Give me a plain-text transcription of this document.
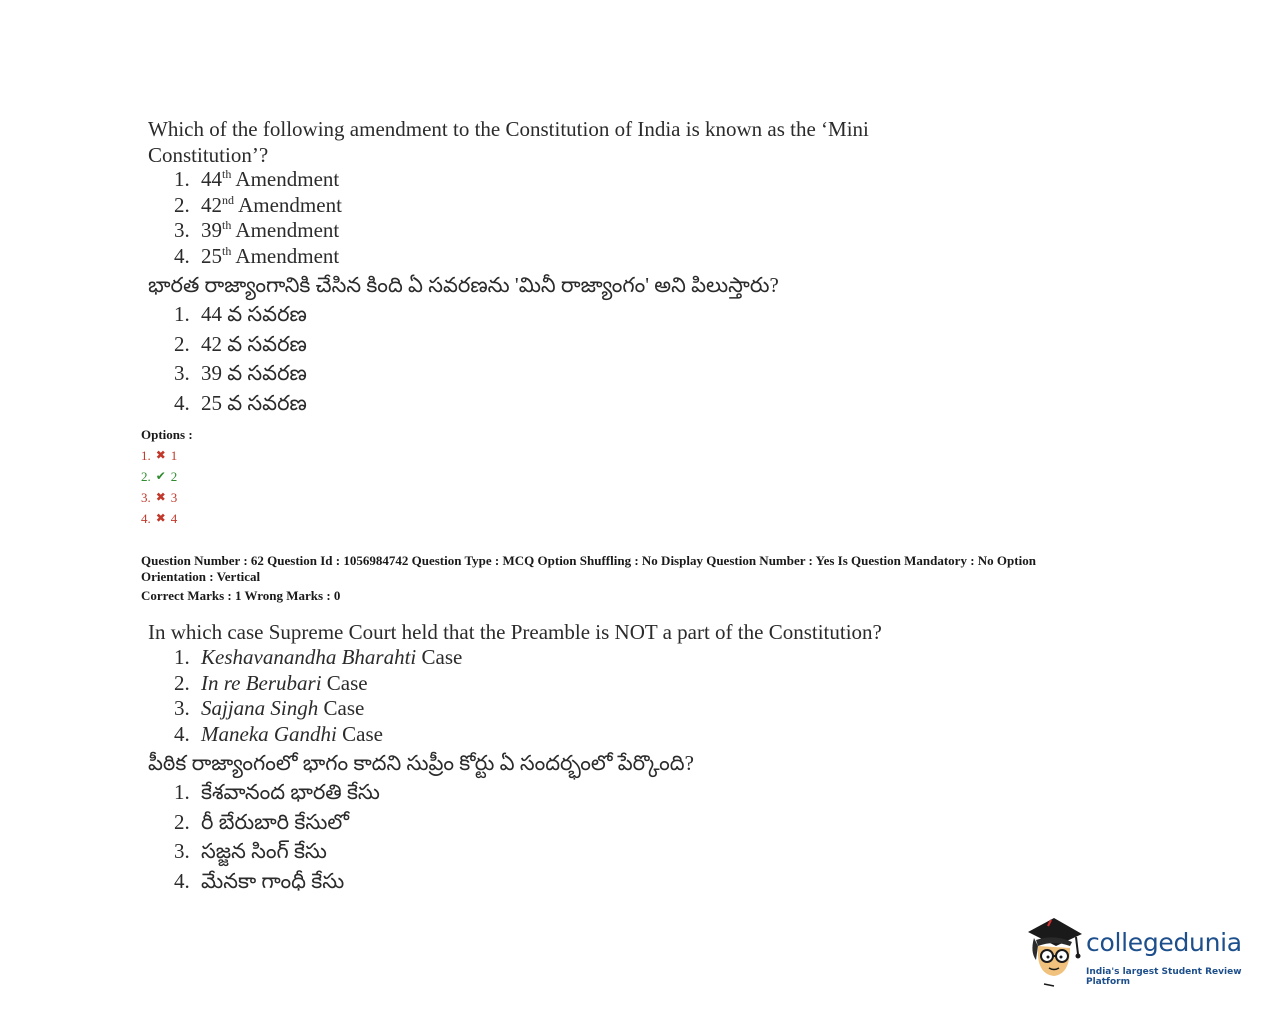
Which of the following amendment to the Constitution of India is known as the ‘Mini
Constitution’?
1. 44th Amendment
2. 42nd Amendment
3. 39th Amendment
4. 25th Amendment
భారత రాజ్యాంగానికి చేసిన కింది ఏ సవరణను 'మినీ రాజ్యాంగం' అని పిలుస్తారు?
1. 44 వ సవరణ
2. 42 వ సవరణ
3. 39 వ సవరణ
4. 25 వ సవరణ
Options :
1. ✖ 1
2. ✔ 2
3. ✖ 3
4. ✖ 4
Question Number : 62 Question Id : 1056984742 Question Type : MCQ Option Shuffling : No Display Question Number : Yes Is Question Mandatory : No Option
Orientation : Vertical
Correct Marks : 1 Wrong Marks : 0
In which case Supreme Court held that the Preamble is NOT a part of the Constitution?
1. Keshavanandha Bharahti Case
2. In re Berubari Case
3. Sajjana Singh Case
4. Maneka Gandhi Case
పీఠిక రాజ్యాంగంలో భాగం కాదని సుప్రీం కోర్టు ఏ సందర్భంలో పేర్కొంది?
1. కేశవానంద భారతి కేసు
2. రీ బేరుబారి కేసులో
3. సజ్జన సింగ్ కేసు
4. మేనకా గాంధీ కేసు
collegedunia
India's largest Student Review Platform
